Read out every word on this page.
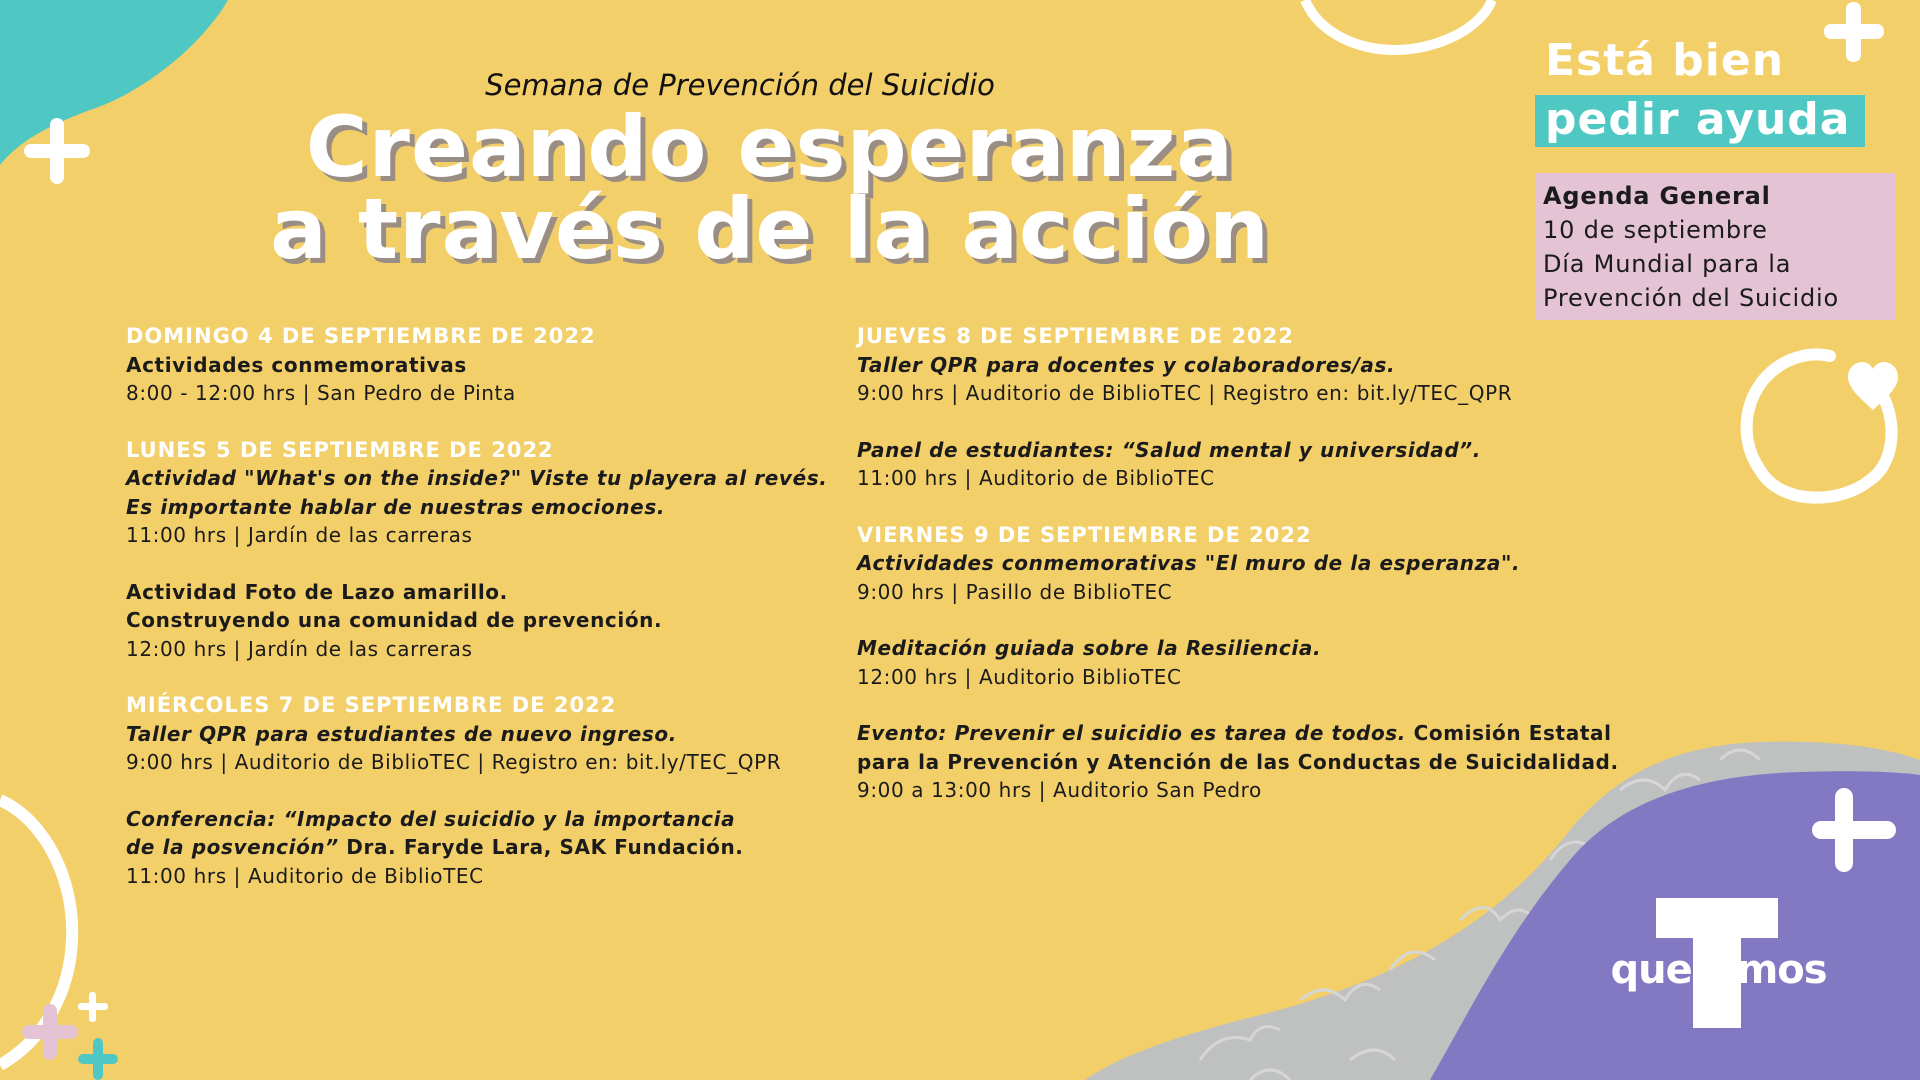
Semana de Prevención del Suicidio
Creando esperanza
a través de la acción
DOMINGO 4 DE SEPTIEMBRE DE 2022
Actividades conmemorativas
8:00 - 12:00 hrs | San Pedro de Pinta
LUNES 5 DE SEPTIEMBRE DE 2022
Actividad "What's on the inside?" Viste tu playera al revés.
Es importante hablar de nuestras emociones.
11:00 hrs | Jardín de las carreras
Actividad Foto de Lazo amarillo.
Construyendo una comunidad de prevención.
12:00 hrs | Jardín de las carreras
MIÉRCOLES 7 DE SEPTIEMBRE DE 2022
Taller QPR para estudiantes de nuevo ingreso.
9:00 hrs | Auditorio de BiblioTEC | Registro en: bit.ly/TEC_QPR
Conferencia: “Impacto del suicidio y la importancia
de la posvención” Dra. Faryde Lara, SAK Fundación.
11:00 hrs | Auditorio de BiblioTEC
JUEVES 8 DE SEPTIEMBRE DE 2022
Taller QPR para docentes y colaboradores/as.
9:00 hrs | Auditorio de BiblioTEC | Registro en: bit.ly/TEC_QPR
Panel de estudiantes: “Salud mental y universidad”.
11:00 hrs | Auditorio de BiblioTEC
VIERNES 9 DE SEPTIEMBRE DE 2022
Actividades conmemorativas "El muro de la esperanza".
9:00 hrs | Pasillo de BiblioTEC
Meditación guiada sobre la Resiliencia.
12:00 hrs | Auditorio BiblioTEC
Evento: Prevenir el suicidio es tarea de todos. Comisión Estatal
para la Prevención y Atención de las Conductas de Suicidalidad.
9:00 a 13:00 hrs | Auditorio San Pedro
Está bien
pedir ayuda
Agenda General
10 de septiembre
Día Mundial para la
Prevención del Suicidio
queremos
